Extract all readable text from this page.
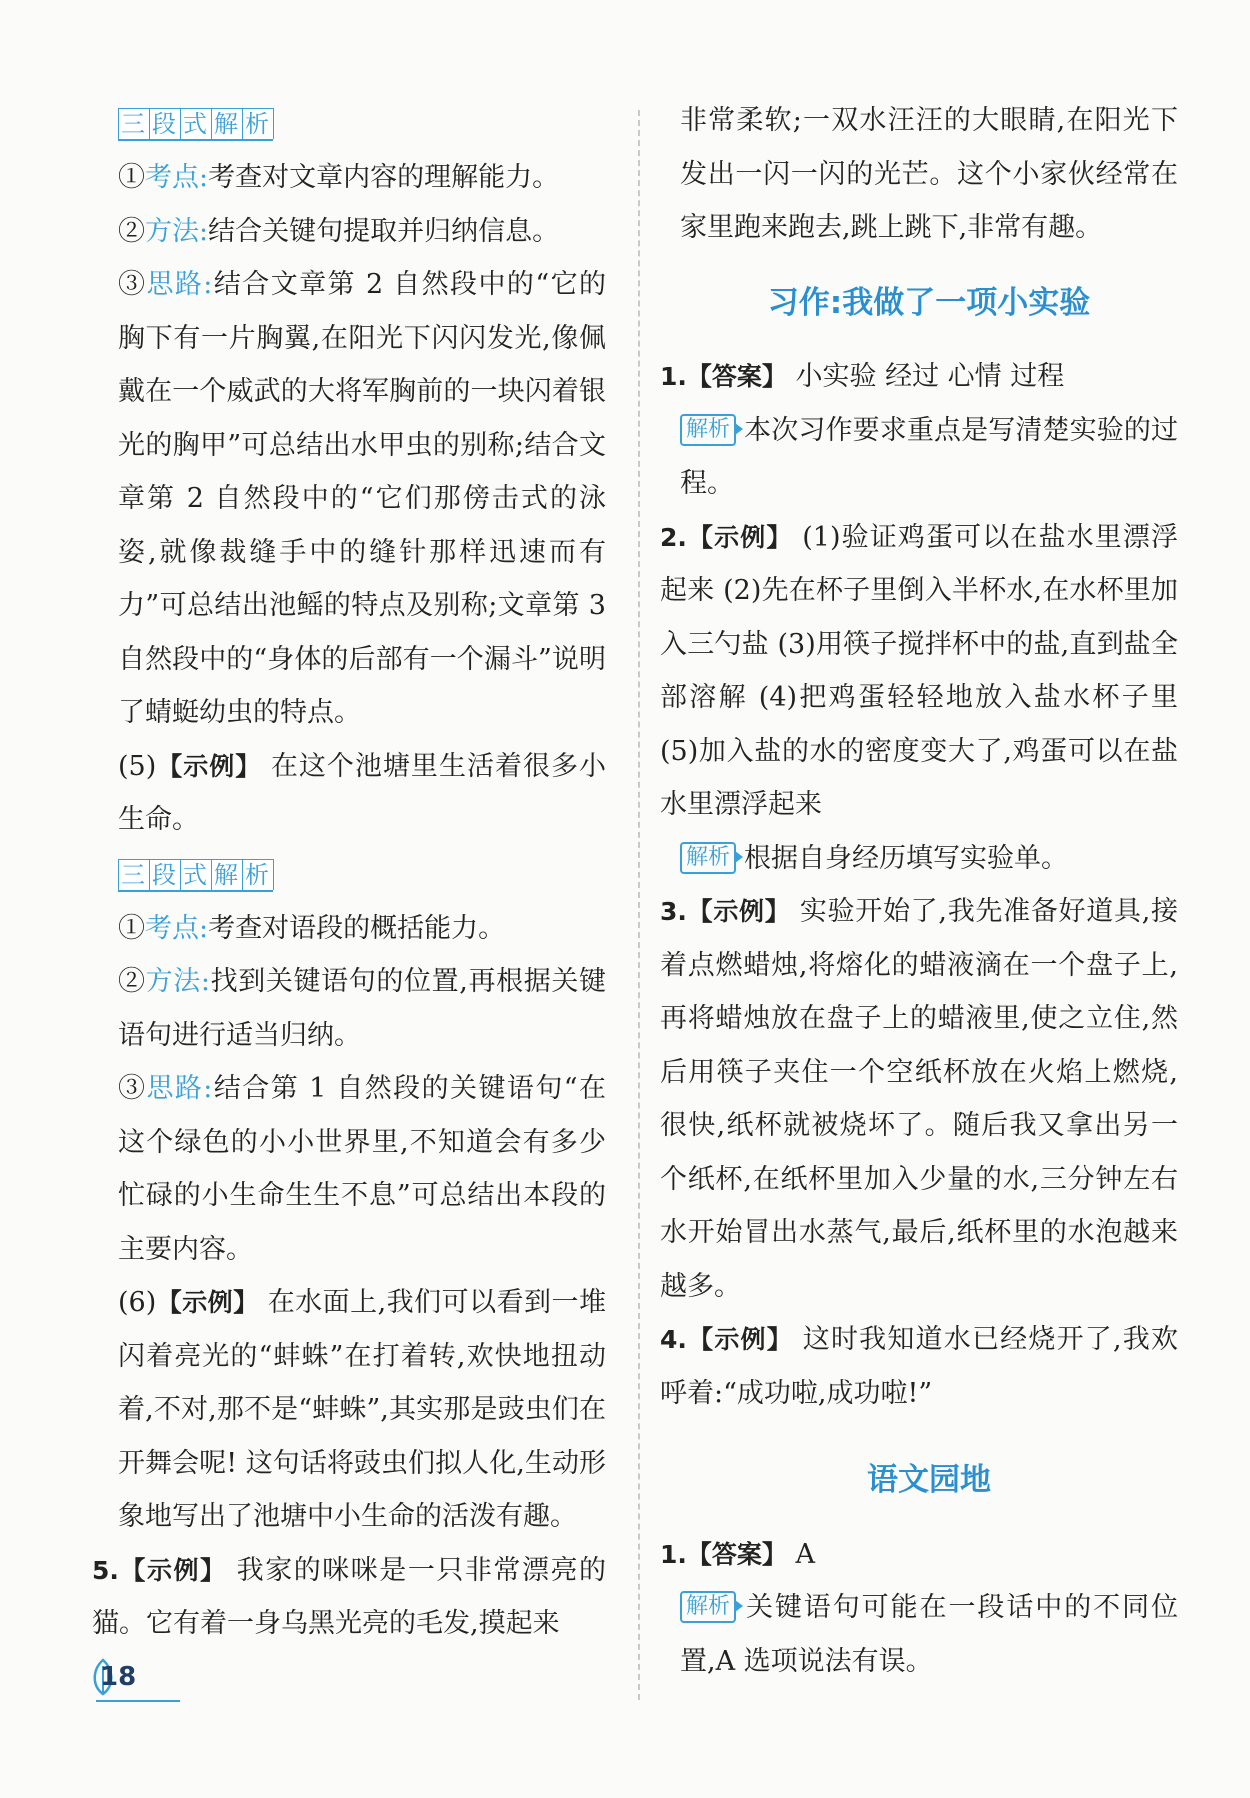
三 段 式 解 析

①考点:考查对文章内容的理解能力。

②方法:结合关键句提取并归纳信息。

③思路:结合文章第 2 自然段中的“它的胸下有一片胸翼,在阳光下闪闪发光,像佩戴在一个威武的大将军胸前的一块闪着银光的胸甲”可总结出水甲虫的别称;结合文章第 2 自然段中的“它们那傍击式的泳姿,就像裁缝手中的缝针那样迅速而有力”可总结出池鳐的特点及别称;文章第 3 自然段中的“身体的后部有一个漏斗”说明了蜻蜓幼虫的特点。

(5)【示例】 在这个池塘里生活着很多小生命。

三 段 式 解 析

①考点:考查对语段的概括能力。

②方法:找到关键语句的位置,再根据关键语句进行适当归纳。

③思路:结合第 1 自然段的关键语句“在这个绿色的小小世界里,不知道会有多少忙碌的小生命生生不息”可总结出本段的主要内容。

(6)【示例】 在水面上,我们可以看到一堆闪着亮光的“蚌蛛”在打着转,欢快地扭动着,不对,那不是“蚌蛛”,其实那是豉虫们在开舞会呢! 这句话将豉虫们拟人化,生动形象地写出了池塘中小生命的活泼有趣。

5.【示例】 我家的咪咪是一只非常漂亮的猫。它有着一身乌黑光亮的毛发,摸起来

非常柔软;一双水汪汪的大眼睛,在阳光下发出一闪一闪的光芒。这个小家伙经常在家里跑来跑去,跳上跳下,非常有趣。

习作:我做了一项小实验

1.【答案】 小实验 经过 心情 过程

解析 本次习作要求重点是写清楚实验的过程。

2.【示例】 (1)验证鸡蛋可以在盐水里漂浮起来 (2)先在杯子里倒入半杯水,在水杯里加入三勺盐 (3)用筷子搅拌杯中的盐,直到盐全部溶解 (4)把鸡蛋轻轻地放入盐水杯子里 (5)加入盐的水的密度变大了,鸡蛋可以在盐水里漂浮起来

解析 根据自身经历填写实验单。

3.【示例】 实验开始了,我先准备好道具,接着点燃蜡烛,将熔化的蜡液滴在一个盘子上,再将蜡烛放在盘子上的蜡液里,使之立住,然后用筷子夹住一个空纸杯放在火焰上燃烧,很快,纸杯就被烧坏了。随后我又拿出另一个纸杯,在纸杯里加入少量的水,三分钟左右水开始冒出水蒸气,最后,纸杯里的水泡越来越多。

4.【示例】 这时我知道水已经烧开了,我欢呼着:“成功啦,成功啦!”

语文园地

1.【答案】 A

解析 关键语句可能在一段话中的不同位置,A 选项说法有误。

18
